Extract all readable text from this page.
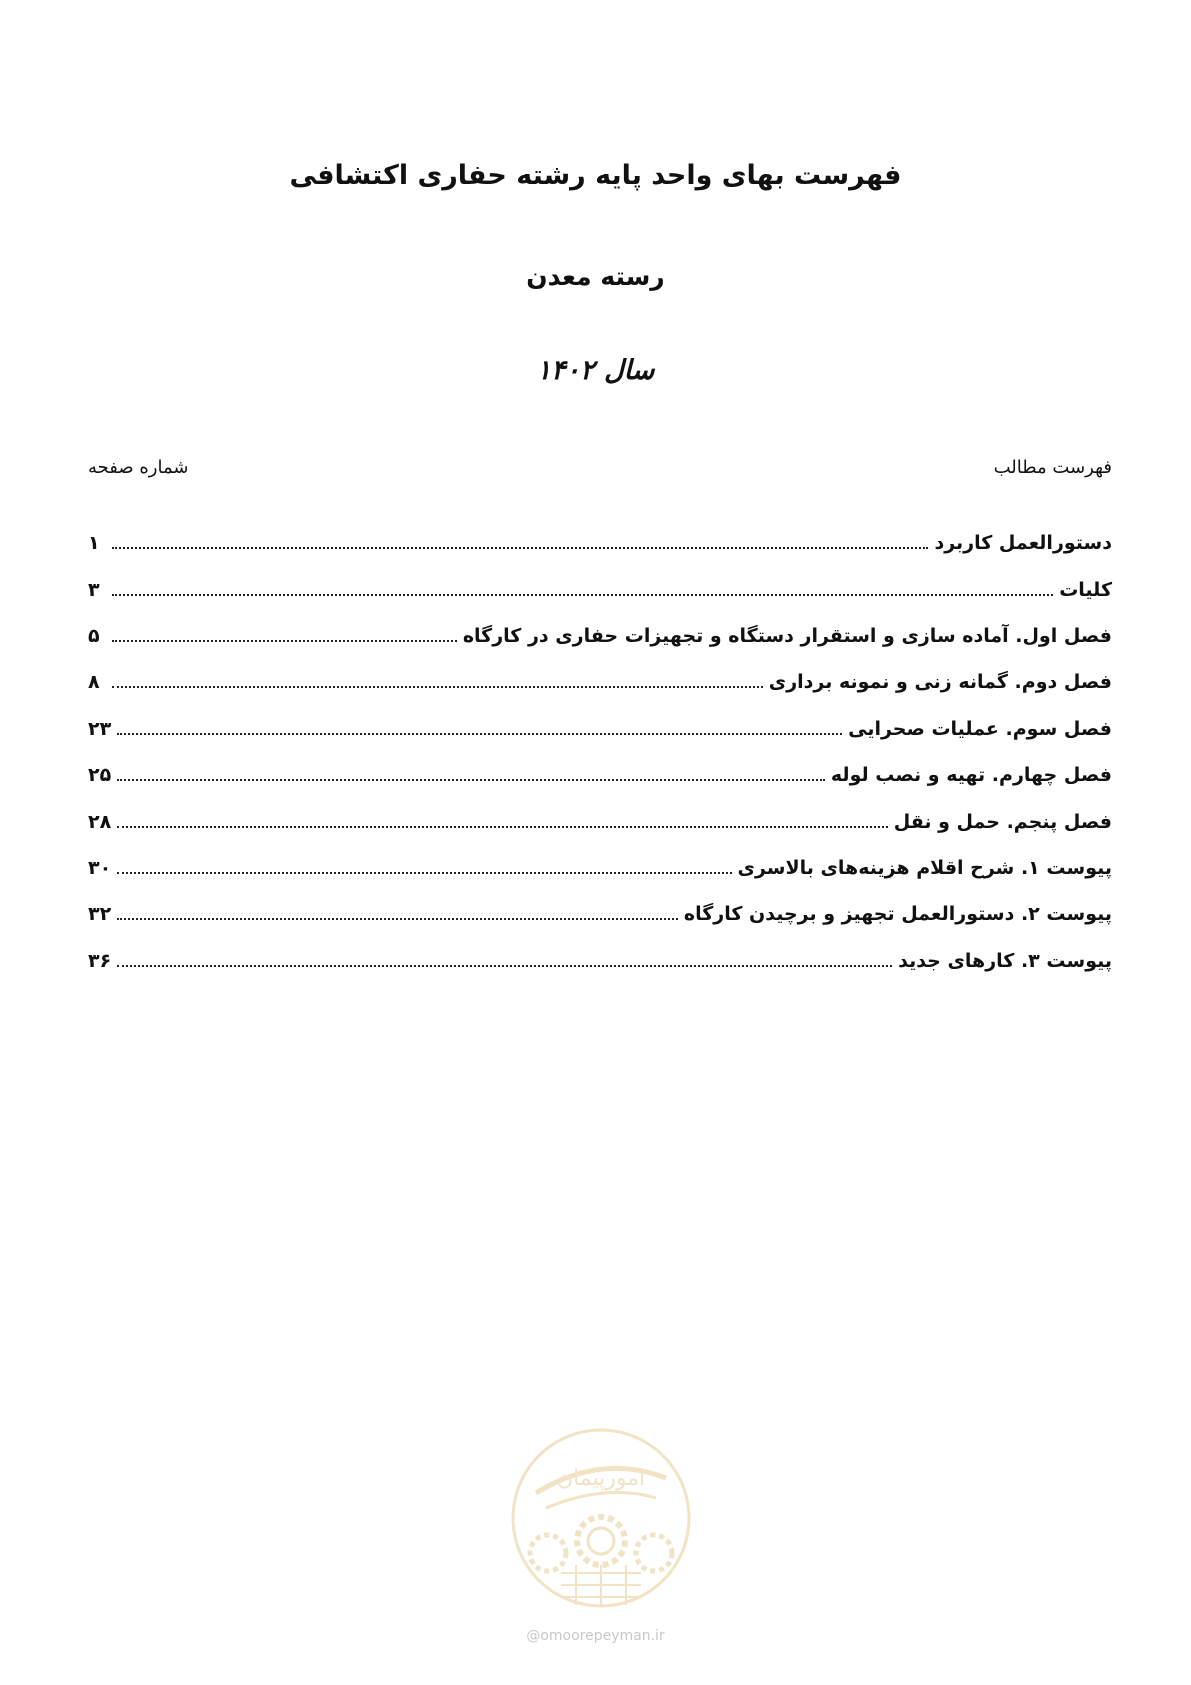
فهرست بهای واحد پایه رشته حفاری اکتشافی
رسته معدن
سال ۱۴۰۲
فهرست مطالب
شماره صفحه
دستورالعمل کاربرد
۱
کلیات
۳
فصل اول. آماده سازی و استقرار دستگاه و تجهیزات حفاری در کارگاه
۵
فصل دوم. گمانه زنی و نمونه برداری
۸
فصل سوم. عملیات صحرایی
۲۳
فصل چهارم. تهیه و نصب لوله
۲۵
فصل پنجم. حمل و نقل
۲۸
پیوست ۱. شرح اقلام هزینه‌های بالاسری
۳۰
پیوست ۲. دستورالعمل تجهیز و برچیدن کارگاه
۳۲
پیوست ۳. کارهای جدید
۳۶
امورپیمان
@omoorepeyman.ir
